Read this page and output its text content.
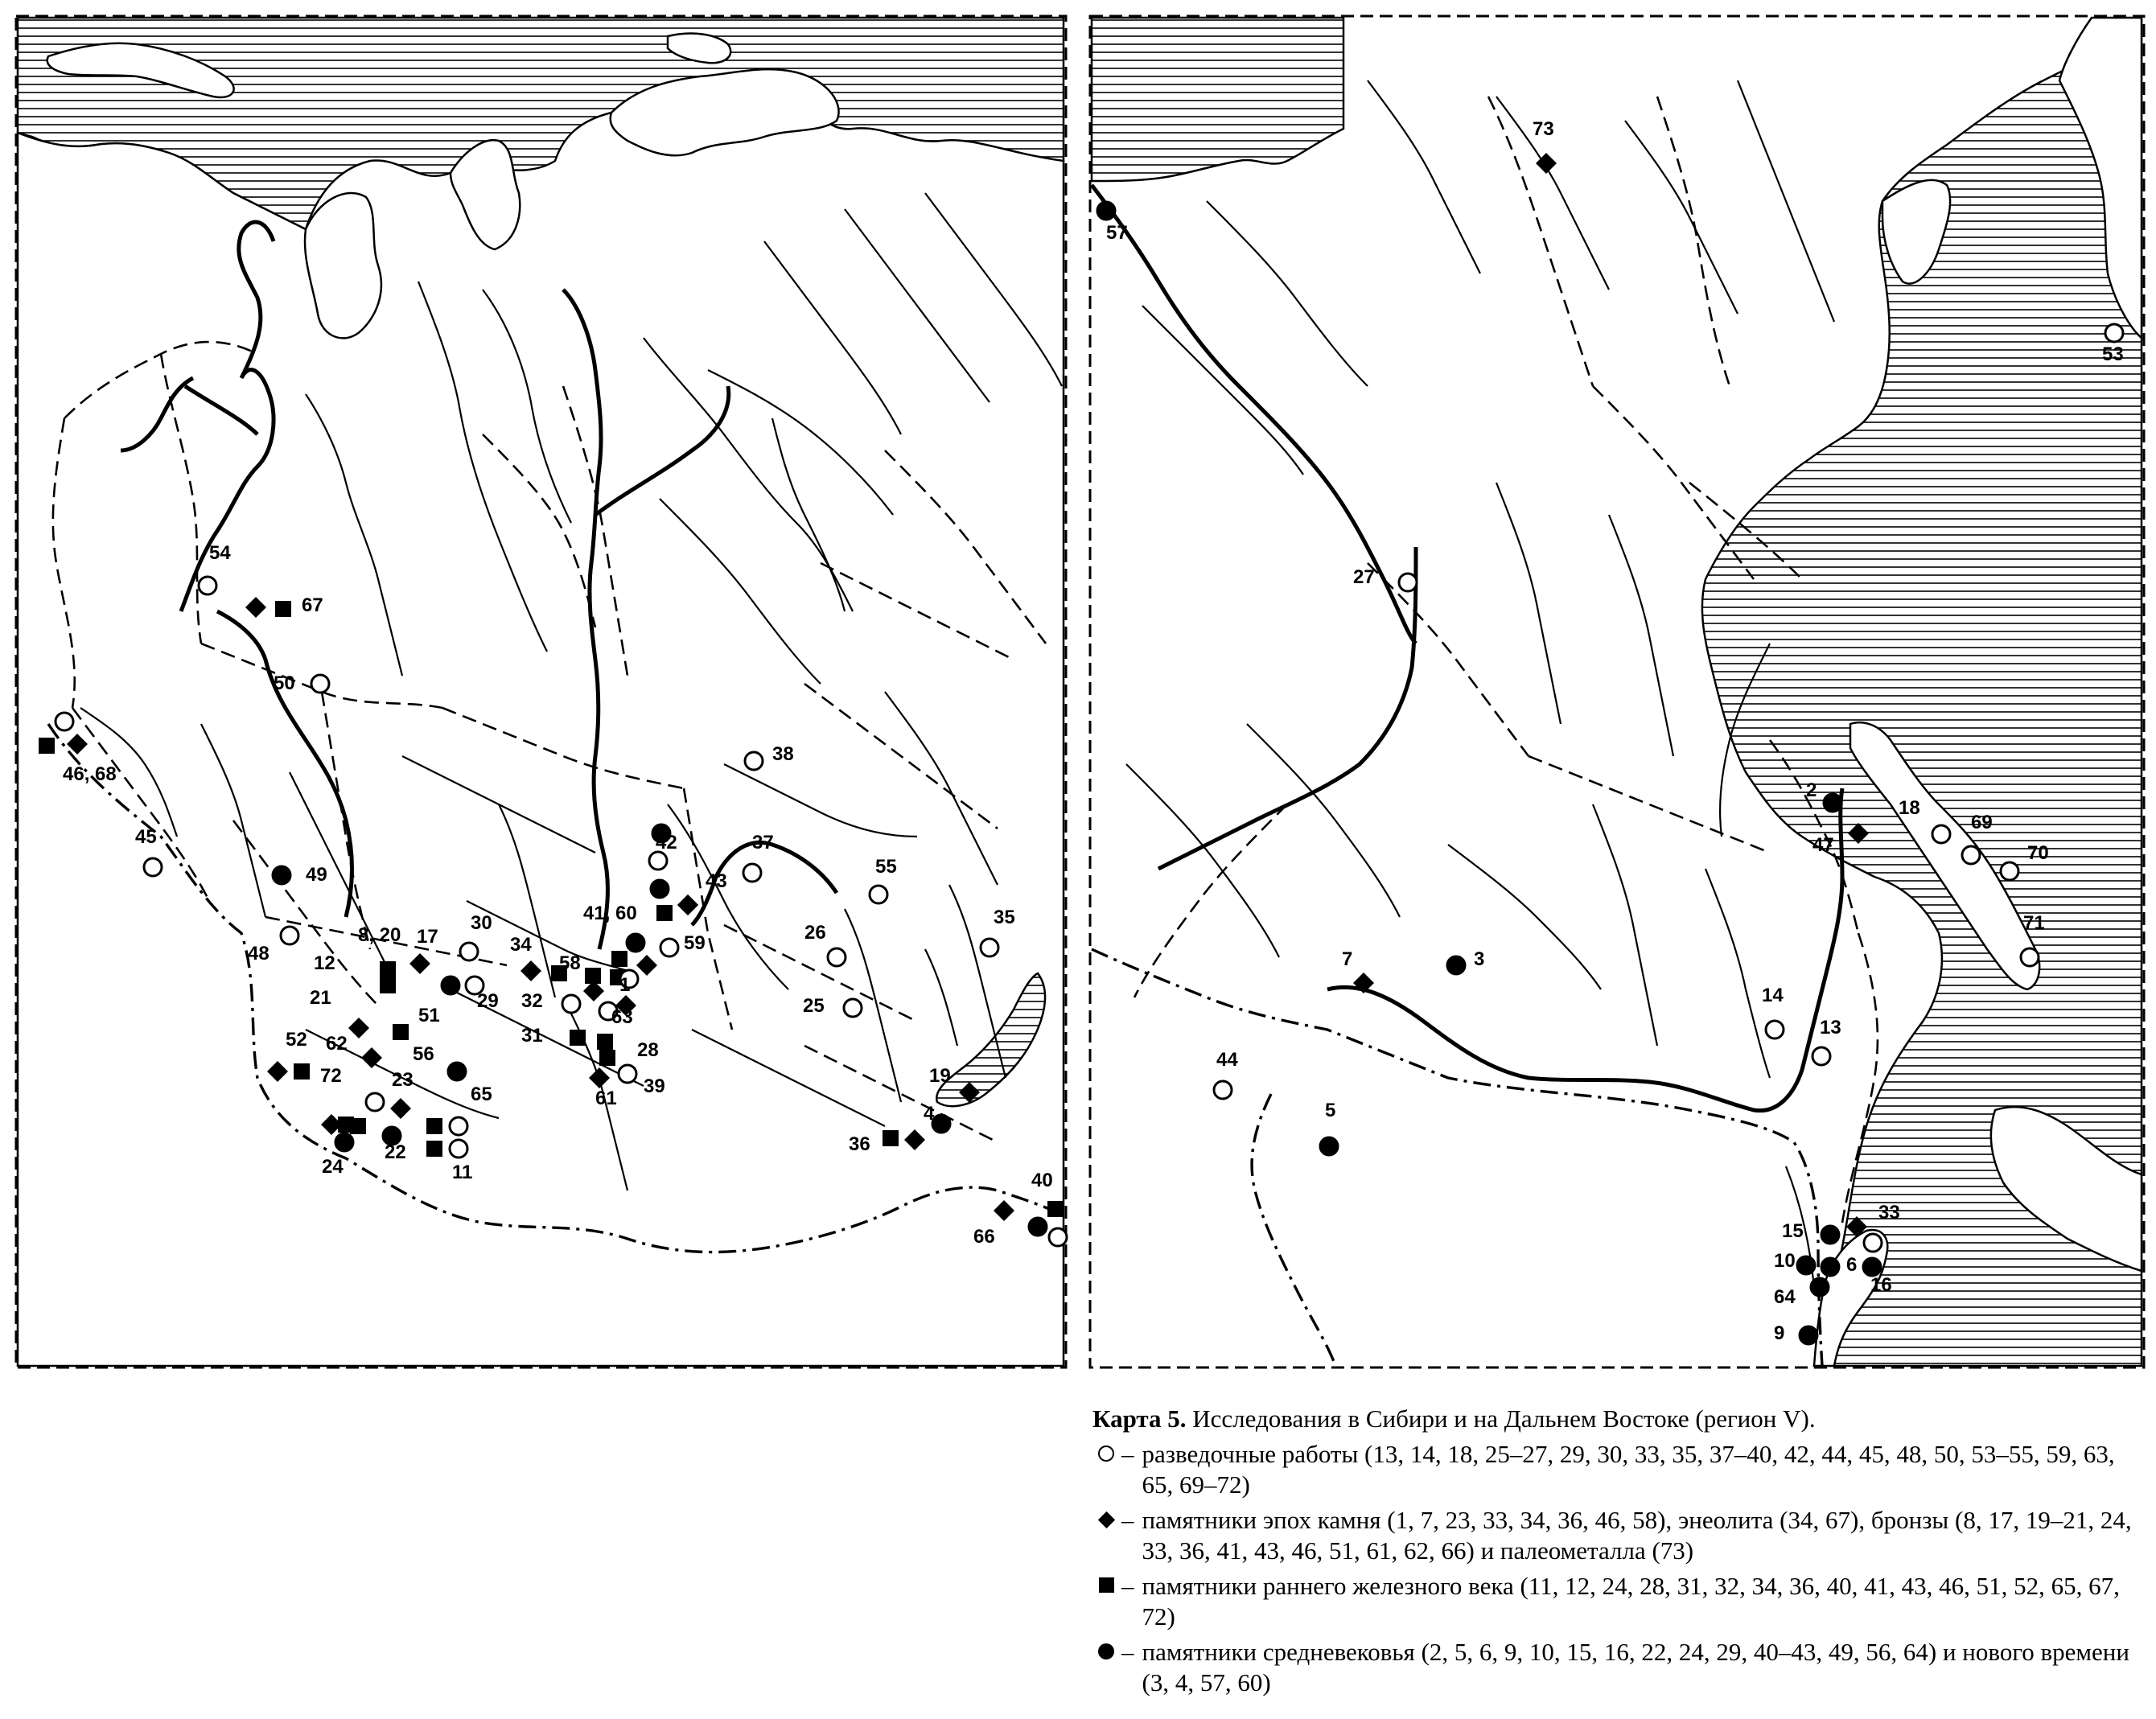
54
67
50
46, 68
45
49
48
52
72
62
21
12
8, 20 17
30
29
51
23
24
22
56
65
11
34
32
58
31
41, 60
59
1
63
28
61
39
42
43
37
38
26
25
55
35
19
36
4
40
66
57
73
53
27
7	3
44
5
2
47
18
69
70
71
14
13
15
33
10	6
16
64
9
Карта 5. Исследования в Сибири и на Дальнем Востоке (регион V).
– разведочные работы (13, 14, 18, 25–27, 29, 30, 33, 35, 37–40, 42, 44, 45, 48, 50, 53–55, 59, 63, 65, 69–72)
– памятники эпох камня (1, 7, 23, 33, 34, 36, 46, 58), энеолита (34, 67), бронзы (8, 17, 19–21, 24, 33, 36, 41, 43, 46, 51, 61, 62, 66) и палеометалла (73)
– памятники раннего железного века (11, 12, 24, 28, 31, 32, 34, 36, 40, 41, 43, 46, 51, 52, 65, 67, 72)
– памятники средневековья (2, 5, 6, 9, 10, 15, 16, 22, 24, 29, 40–43, 49, 56, 64) и нового времени (3, 4, 57, 60)
